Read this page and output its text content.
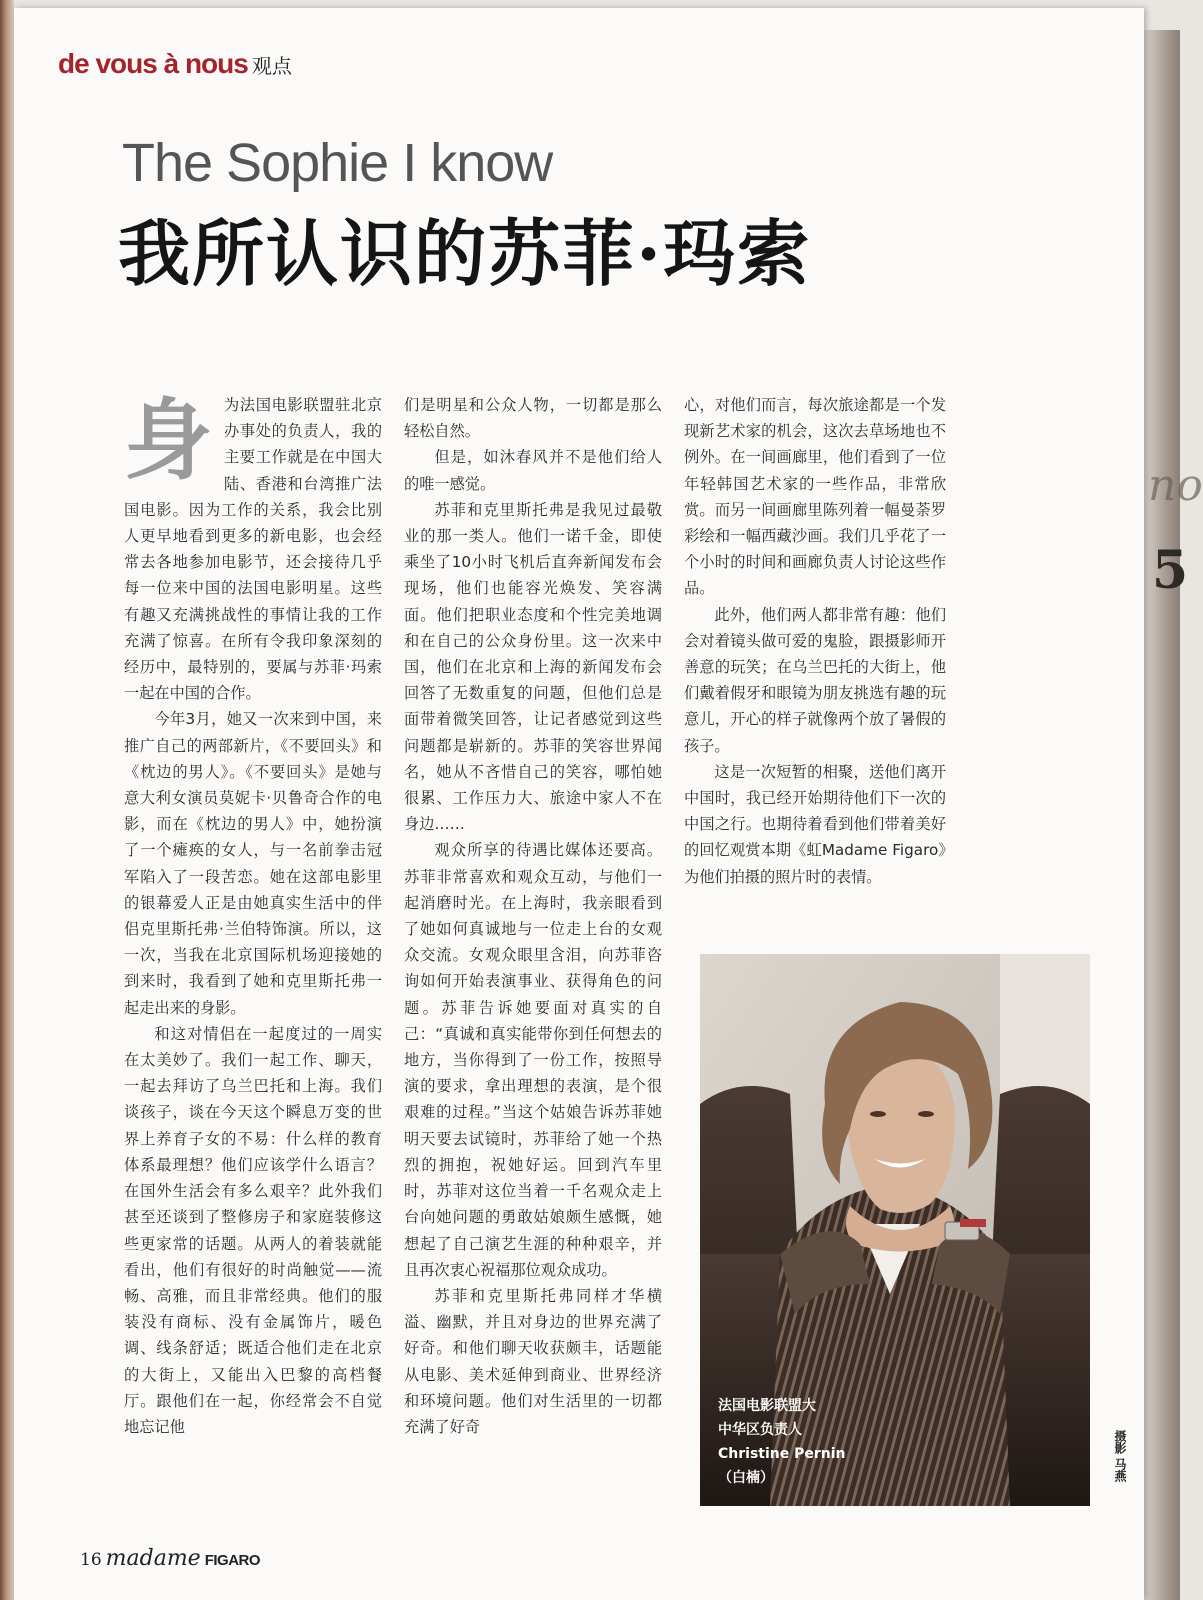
no
5
de vous à nous 观点
The Sophie I know
我所认识的苏菲·玛索
身 为法国电影联盟驻北京办事处的负责人，我的主要工作就是在中国大陆、香港和台湾推广法国电影。因为工作的关系，我会比别人更早地看到更多的新电影，也会经常去各地参加电影节，还会接待几乎每一位来中国的法国电影明星。这些有趣又充满挑战性的事情让我的工作充满了惊喜。在所有令我印象深刻的经历中，最特别的，要属与苏菲·玛索一起在中国的合作。

今年3月，她又一次来到中国，来推广自己的两部新片，《不要回头》和《枕边的男人》。《不要回头》是她与意大利女演员莫妮卡·贝鲁奇合作的电影，而在《枕边的男人》中，她扮演了一个瘫痪的女人，与一名前拳击冠军陷入了一段苦恋。她在这部电影里的银幕爱人正是由她真实生活中的伴侣克里斯托弗·兰伯特饰演。所以，这一次，当我在北京国际机场迎接她的到来时，我看到了她和克里斯托弗一起走出来的身影。

和这对情侣在一起度过的一周实在太美妙了。我们一起工作、聊天，一起去拜访了乌兰巴托和上海。我们谈孩子，谈在今天这个瞬息万变的世界上养育子女的不易：什么样的教育体系最理想？他们应该学什么语言？在国外生活会有多么艰辛？此外我们甚至还谈到了整修房子和家庭装修这些更家常的话题。从两人的着装就能看出，他们有很好的时尚触觉——流畅、高雅，而且非常经典。他们的服装没有商标、没有金属饰片，暖色调、线条舒适；既适合他们走在北京的大街上，又能出入巴黎的高档餐厅。跟他们在一起，你经常会不自觉地忘记他

们是明星和公众人物，一切都是那么轻松自然。

但是，如沐春风并不是他们给人的唯一感觉。

苏菲和克里斯托弗是我见过最敬业的那一类人。他们一诺千金，即使乘坐了10小时飞机后直奔新闻发布会现场，他们也能容光焕发、笑容满面。他们把职业态度和个性完美地调和在自己的公众身份里。这一次来中国，他们在北京和上海的新闻发布会回答了无数重复的问题，但他们总是面带着微笑回答，让记者感觉到这些问题都是崭新的。苏菲的笑容世界闻名，她从不吝惜自己的笑容，哪怕她很累、工作压力大、旅途中家人不在身边……

观众所享的待遇比媒体还要高。苏菲非常喜欢和观众互动，与他们一起消磨时光。在上海时，我亲眼看到了她如何真诚地与一位走上台的女观众交流。女观众眼里含泪，向苏菲咨询如何开始表演事业、获得角色的问题。苏菲告诉她要面对真实的自己：“真诚和真实能带你到任何想去的地方，当你得到了一份工作，按照导演的要求，拿出理想的表演，是个很艰难的过程。”当这个姑娘告诉苏菲她明天要去试镜时，苏菲给了她一个热烈的拥抱，祝她好运。回到汽车里时，苏菲对这位当着一千名观众走上台向她问题的勇敢姑娘颇生感慨，她想起了自己演艺生涯的种种艰辛，并且再次衷心祝福那位观众成功。

苏菲和克里斯托弗同样才华横溢、幽默，并且对身边的世界充满了好奇。和他们聊天收获颇丰，话题能从电影、美术延伸到商业、世界经济和环境问题。他们对生活里的一切都充满了好奇

心，对他们而言，每次旅途都是一个发现新艺术家的机会，这次去草场地也不例外。在一间画廊里，他们看到了一位年轻韩国艺术家的一些作品，非常欣赏。而另一间画廊里陈列着一幅曼荼罗彩绘和一幅西藏沙画。我们几乎花了一个小时的时间和画廊负责人讨论这些作品。

此外，他们两人都非常有趣：他们会对着镜头做可爱的鬼脸，跟摄影师开善意的玩笑；在乌兰巴托的大街上，他们戴着假牙和眼镜为朋友挑选有趣的玩意儿，开心的样子就像两个放了暑假的孩子。

这是一次短暂的相聚，送他们离开中国时，我已经开始期待他们下一次的中国之行。也期待着看到他们带着美好的回忆观赏本期《虹Madame Figaro》为他们拍摄的照片时的表情。

法国电影联盟大
中华区负责人
Christine Pernin
（白楠）	摄影 马燕
16 madame FIGARO
